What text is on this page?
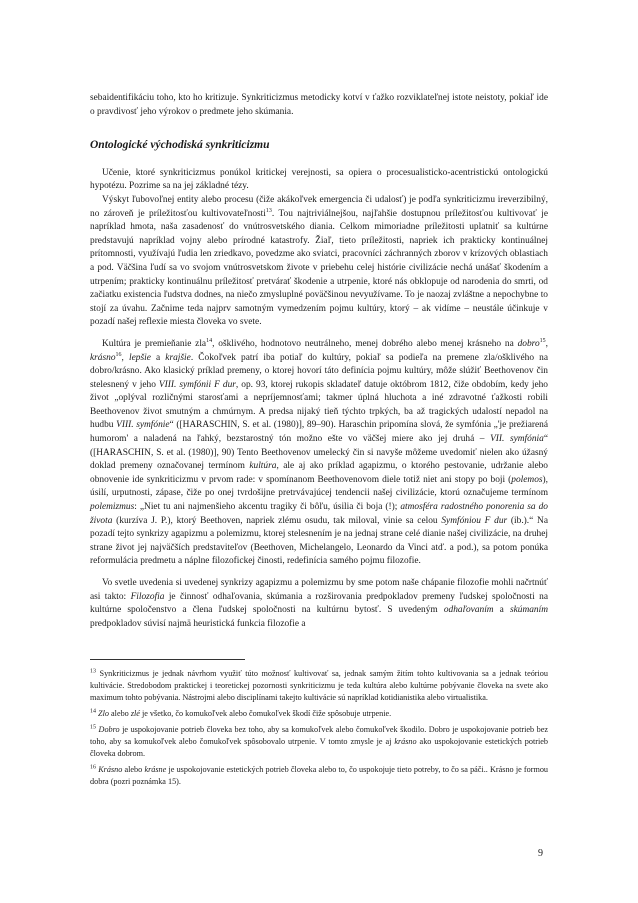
sebaidentifikáciu toho, kto ho kritizuje. Synkriticizmus metodicky kotví v ťažko rozviklateľnej istote neistoty, pokiaľ ide o pravdivosť jeho výrokov o predmete jeho skúmania.

Ontologické východiská synkriticizmu

Učenie, ktoré synkriticizmus ponúkol kritickej verejnosti, sa opiera o procesualisticko-acentristickú ontologickú hypotézu. Pozrime sa na jej základné tézy.

Výskyt ľubovoľnej entity alebo procesu (čiže akákoľvek emergencia či udalosť) je podľa synkriticizmu ireverzibilný, no zároveň je príležitosťou kultivovateľnosti$^{13}$. Tou najtriviálnejšou, najľahšie dostupnou príležitosťou kultivovať je napríklad hmota, naša zasadenosť do vnútrosvetského diania. Celkom mimoriadne príležitosti uplatniť sa kultúrne predstavujú napríklad vojny alebo prírodné katastrofy. Žiaľ, tieto príležitosti, napriek ich prakticky kontinuálnej prítomnosti, využívajú ľudia len zriedkavo, povedzme ako sviatci, pracovníci záchranných zborov v krízových oblastiach a pod. Väčšina ľudí sa vo svojom vnútrosvetskom živote v priebehu celej histórie civilizácie nechá unášať škodením a utrpením; prakticky kontinuálnu príležitosť pretvárať škodenie a utrpenie, ktoré nás obklopuje od narodenia do smrti, od začiatku existencia ľudstva dodnes, na niečo zmysluplné poväčšinou nevyužívame. To je naozaj zvláštne a nepochybne to stojí za úvahu. Začnime teda najprv samotným vymedzením pojmu kultúry, ktorý – ak vidíme – neustále účinkuje v pozadí našej reflexie miesta človeka vo svete.

Kultúra je premieňanie zla$^{14}$, ošklivého, hodnotovo neutrálneho, menej dobrého alebo menej krásneho na dobro$^{15}$, krásno$^{16}$, lepšie a krajšie. Čokoľvek patrí iba potiaľ do kultúry, pokiaľ sa podieľa na premene zla/ošklivého na dobro/krásno. Ako klasický príklad premeny, o ktorej hovorí táto definícia pojmu kultúry, môže slúžiť Beethovenov čin stelesnený v jeho VIII. symfónii F dur, op. 93, ktorej rukopis skladateľ datuje októbrom 1812, čiže obdobím, kedy jeho život „oplýval rozličnými starosťami a nepríjemnosťami; takmer úplná hluchota a iné zdravotné ťažkosti robili Beethovenov život smutným a chmúrnym. A predsa nijaký tieň týchto trpkých, ba až tragických udalostí nepadol na hudbu VIII. symfónie“ ([HARASCHIN, S. et al. (1980)], 89–90). Haraschin pripomína slová, že symfónia „'je prežiarená humorom' a naladená na ľahký, bezstarostný tón možno ešte vo väčšej miere ako jej druhá – VII. symfónia“ ([HARASCHIN, S. et al. (1980)], 90) Tento Beethovenov umelecký čin si navyše môžeme uvedomiť nielen ako úžasný doklad premeny označovanej termínom kultúra, ale aj ako príklad agapizmu, o ktorého pestovanie, udržanie alebo obnovenie ide synkriticizmu v prvom rade: v spomínanom Beethovenovom diele totiž niet ani stopy po boji (polemos), úsilí, urputnosti, zápase, čiže po onej tvrdošijne pretrvávajúcej tendencii našej civilizácie, ktorú označujeme termínom polemizmus: „Niet tu ani najmenšieho akcentu tragiky či bôľu, úsilia či boja (!); atmosféra radostného ponorenia sa do života (kurzíva J. P.), ktorý Beethoven, napriek zlému osudu, tak miloval, vinie sa celou Symfóniou F dur (ib.).“ Na pozadí tejto synkrizy agapizmu a polemizmu, ktorej stelesnením je na jednaj strane celé dianie našej civilizácie, na druhej strane život jej najväčších predstaviteľov (Beethoven, Michelangelo, Leonardo da Vinci atď. a pod.), sa potom ponúka reformulácia predmetu a náplne filozofickej činosti, redefinícia samého pojmu filozofie.

Vo svetle uvedenia si uvedenej synkrizy agapizmu a polemizmu by sme potom naše chápanie filozofie mohli načrtnúť asi takto: Filozofia je činnosť odhaľovania, skúmania a rozširovania predpokladov premeny ľudskej spoločnosti na kultúrne spoločenstvo a člena ľudskej spoločnosti na kultúrnu bytosť. S uvedeným odhaľovaním a skúmaním predpokladov súvisí najmä heuristická funkcia filozofie a

$^{13}$ Synkriticizmus je jednak návrhom využiť túto možnosť kultivovať sa, jednak samým žitím tohto kultivovania sa a jednak teóriou kultivácie. Stredobodom praktickej i teoretickej pozornosti synkriticizmu je teda kultúra alebo kultúrne pobývanie človeka na svete ako maximum tohto pobývania. Nástrojmi alebo disciplínami takejto kultivácie sú napríklad kotidianistika alebo virtualistika.

$^{14}$ Zlo alebo zlé je všetko, čo komukoľvek alebo čomukoľvek škodí čiže spôsobuje utrpenie.

$^{15}$ Dobro je uspokojovanie potrieb človeka bez toho, aby sa komukoľvek alebo čomukoľvek škodilo. Dobro je uspokojovanie potrieb bez toho, aby sa komukoľvek alebo čomukoľvek spôsobovalo utrpenie. V tomto zmysle je aj krásno ako uspokojovanie estetických potrieb človeka dobrom.

$^{16}$ Krásno alebo krásne je uspokojovanie estetických potrieb človeka alebo to, čo uspokojuje tieto potreby, to čo sa páči.. Krásno je formou dobra (pozri poznámka 15).

9
